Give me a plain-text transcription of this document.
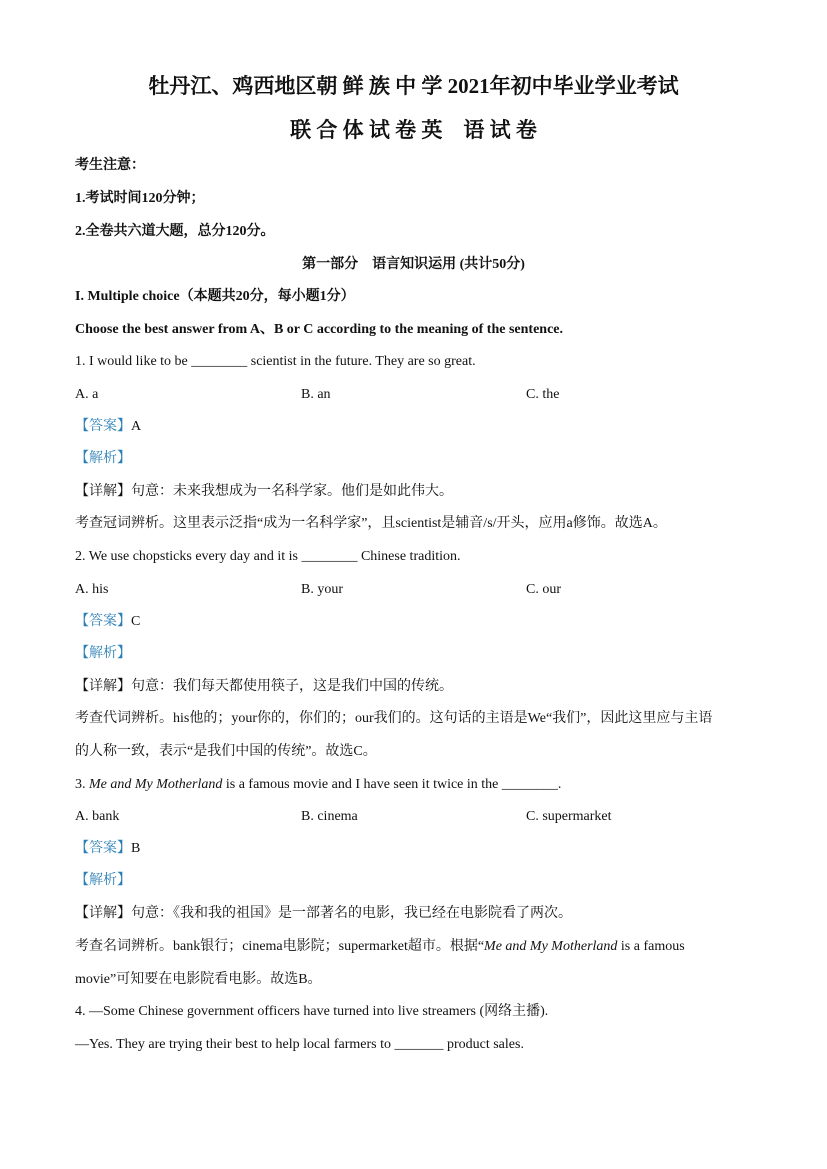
牡丹江、鸡西地区朝 鲜 族 中 学 2021年初中毕业学业考试
联 合 体 试 卷 英　语 试 卷
考生注意：
1.考试时间120分钟；
2.全卷共六道大题，总分120分。
第一部分　语言知识运用 (共计50分)
I. Multiple choice（本题共20分，每小题1分）
Choose the best answer from A、B or C according to the meaning of the sentence.
1. I would like to be ________ scientist in the future. They are so great.
A. a	B. an	C. the
【答案】A
【解析】
【详解】句意：未来我想成为一名科学家。他们是如此伟大。
考查冠词辨析。这里表示泛指“成为一名科学家”，且scientist是辅音/s/开头，应用a修饰。故选A。
2. We use chopsticks every day and it is ________ Chinese tradition.
A. his	B. your	C. our
【答案】C
【解析】
【详解】句意：我们每天都使用筷子，这是我们中国的传统。
考查代词辨析。his他的；your你的，你们的；our我们的。这句话的主语是We“我们”，因此这里应与主语
的人称一致，表示“是我们中国的传统”。故选C。
3. Me and My Motherland is a famous movie and I have seen it twice in the ________.
A. bank	B. cinema	C. supermarket
【答案】B
【解析】
【详解】句意：《我和我的祖国》是一部著名的电影，我已经在电影院看了两次。
考查名词辨析。bank银行；cinema电影院；supermarket超市。根据“Me and My Motherland is a famous
movie”可知要在电影院看电影。故选B。
4. —Some Chinese government officers have turned into live streamers (网络主播).
—Yes. They are trying their best to help local farmers to _______ product sales.
